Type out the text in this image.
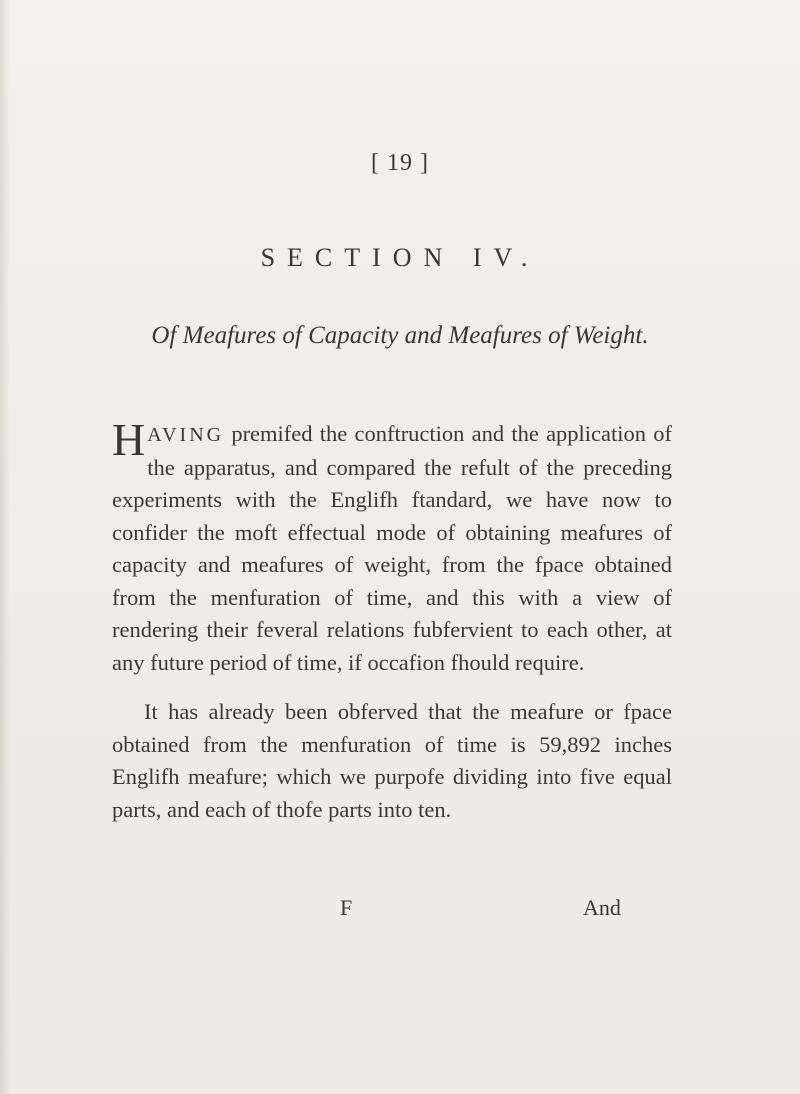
[ 19 ]
SECTION IV.
Of Meafures of Capacity and Meafures of Weight.
HAVING premifed the conftruction and the application of the apparatus, and compared the refult of the preceding experiments with the Englifh ftandard, we have now to confider the moft effectual mode of obtaining meafures of capacity and meafures of weight, from the fpace obtained from the menfuration of time, and this with a view of rendering their feveral relations fubfervient to each other, at any future period of time, if occafion fhould require.
It has already been obferved that the meafure or fpace obtained from the menfuration of time is 59,892 inches Englifh meafure; which we purpofe dividing into five equal parts, and each of thofe parts into ten.
F	And
